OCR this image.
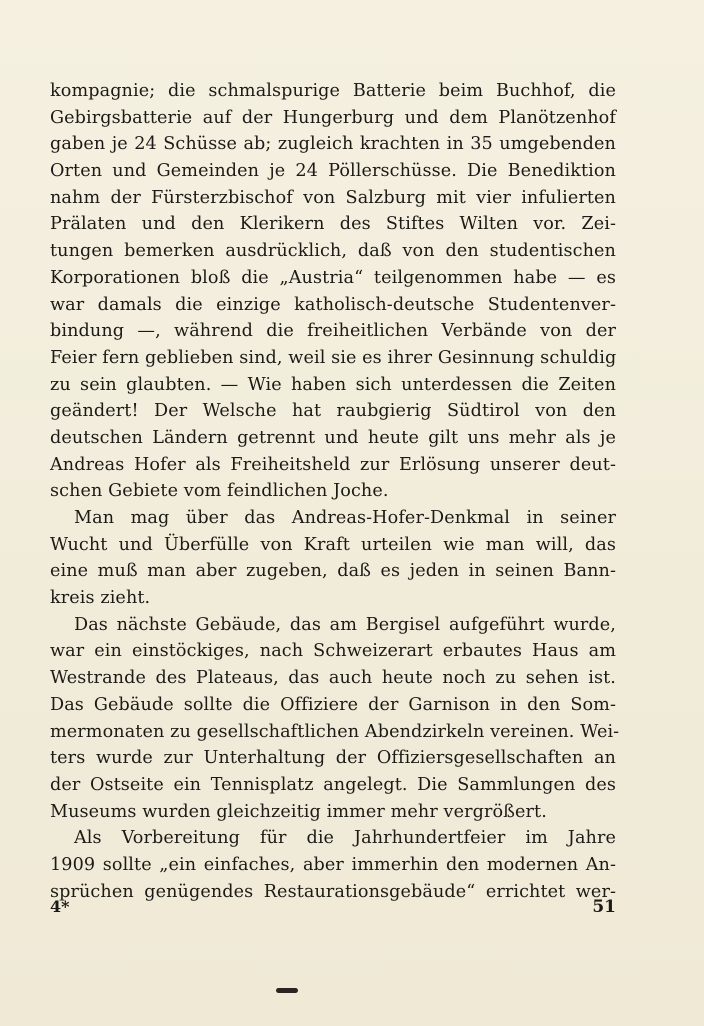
kompagnie; die schmalspurige Batterie beim Buchhof, die
Gebirgsbatterie auf der Hungerburg und dem Planötzenhof
gaben je 24 Schüsse ab; zugleich krachten in 35 umgebenden
Orten und Gemeinden je 24 Pöllerschüsse. Die Benediktion
nahm der Fürsterzbischof von Salzburg mit vier infulierten
Prälaten und den Klerikern des Stiftes Wilten vor. Zei-
tungen bemerken ausdrücklich, daß von den studentischen
Korporationen bloß die „Austria“ teilgenommen habe — es
war damals die einzige katholisch-deutsche Studentenver-
bindung —, während die freiheitlichen Verbände von der
Feier fern geblieben sind, weil sie es ihrer Gesinnung schuldig
zu sein glaubten. — Wie haben sich unterdessen die Zeiten
geändert! Der Welsche hat raubgierig Südtirol von den
deutschen Ländern getrennt und heute gilt uns mehr als je
Andreas Hofer als Freiheitsheld zur Erlösung unserer deut-
schen Gebiete vom feindlichen Joche.
Man mag über das Andreas-Hofer-Denkmal in seiner
Wucht und Überfülle von Kraft urteilen wie man will, das
eine muß man aber zugeben, daß es jeden in seinen Bann-
kreis zieht.
Das nächste Gebäude, das am Bergisel aufgeführt wurde,
war ein einstöckiges, nach Schweizerart erbautes Haus am
Westrande des Plateaus, das auch heute noch zu sehen ist.
Das Gebäude sollte die Offiziere der Garnison in den Som-
mermonaten zu gesellschaftlichen Abendzirkeln vereinen. Wei-
ters wurde zur Unterhaltung der Offiziersgesellschaften an
der Ostseite ein Tennisplatz angelegt. Die Sammlungen des
Museums wurden gleichzeitig immer mehr vergrößert.
Als Vorbereitung für die Jahrhundertfeier im Jahre
1909 sollte „ein einfaches, aber immerhin den modernen An-
sprüchen genügendes Restaurationsgebäude“ errichtet wer-
4*	51
